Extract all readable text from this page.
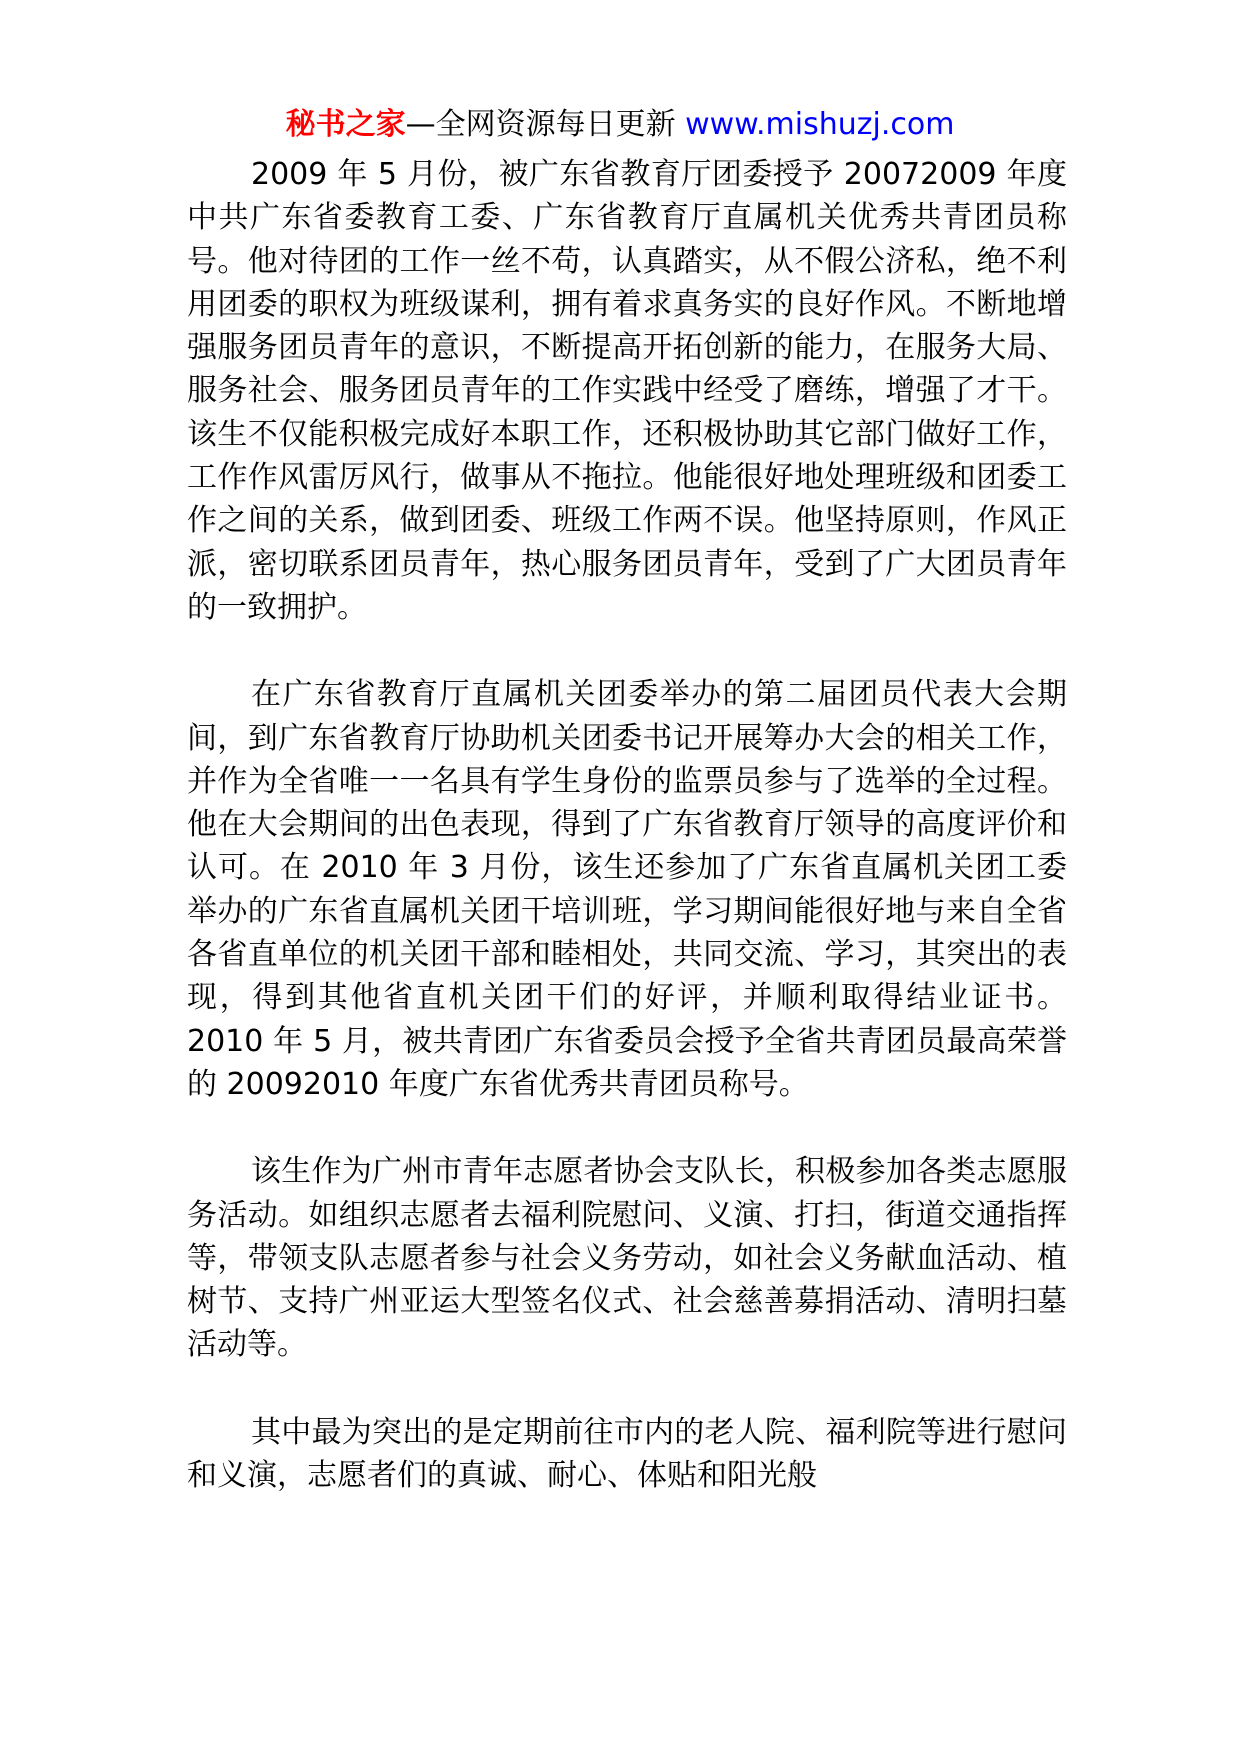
秘书之家—全网资源每日更新 www.mishuzj.com

2009 年 5 月份，被广东省教育厅团委授予 20072009 年度中共广东省委教育工委、广东省教育厅直属机关优秀共青团员称号。他对待团的工作一丝不苟，认真踏实，从不假公济私，绝不利用团委的职权为班级谋利，拥有着求真务实的良好作风。不断地增强服务团员青年的意识，不断提高开拓创新的能力，在服务大局、服务社会、服务团员青年的工作实践中经受了磨练，增强了才干。该生不仅能积极完成好本职工作，还积极协助其它部门做好工作，工作作风雷厉风行，做事从不拖拉。他能很好地处理班级和团委工作之间的关系，做到团委、班级工作两不误。他坚持原则，作风正派，密切联系团员青年，热心服务团员青年，受到了广大团员青年的一致拥护。

在广东省教育厅直属机关团委举办的第二届团员代表大会期间，到广东省教育厅协助机关团委书记开展筹办大会的相关工作，并作为全省唯一一名具有学生身份的监票员参与了选举的全过程。他在大会期间的出色表现，得到了广东省教育厅领导的高度评价和认可。在 2010 年 3 月份，该生还参加了广东省直属机关团工委举办的广东省直属机关团干培训班，学习期间能很好地与来自全省各省直单位的机关团干部和睦相处，共同交流、学习，其突出的表现，得到其他省直机关团干们的好评，并顺利取得结业证书。2010 年 5 月，被共青团广东省委员会授予全省共青团员最高荣誉的 20092010 年度广东省优秀共青团员称号。

该生作为广州市青年志愿者协会支队长，积极参加各类志愿服务活动。如组织志愿者去福利院慰问、义演、打扫，街道交通指挥等，带领支队志愿者参与社会义务劳动，如社会义务献血活动、植树节、支持广州亚运大型签名仪式、社会慈善募捐活动、清明扫墓活动等。

其中最为突出的是定期前往市内的老人院、福利院等进行慰问和义演，志愿者们的真诚、耐心、体贴和阳光般
